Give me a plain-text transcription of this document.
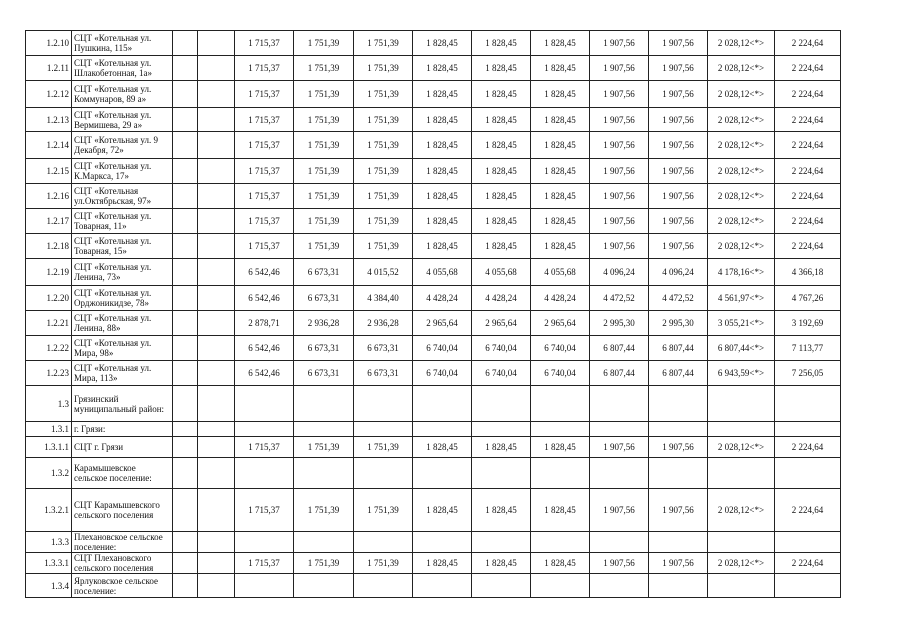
1.2.10	СЦТ «Котельная ул. Пушкина, 115»			1 715,37	1 751,39	1 751,39	1 828,45	1 828,45	1 828,45	1 907,56	1 907,56	2 028,12<*>	2 224,64
1.2.11	СЦТ «Котельная ул. Шлакобетонная, 1а»			1 715,37	1 751,39	1 751,39	1 828,45	1 828,45	1 828,45	1 907,56	1 907,56	2 028,12<*>	2 224,64
1.2.12	СЦТ «Котельная ул. Коммунаров, 89 а»			1 715,37	1 751,39	1 751,39	1 828,45	1 828,45	1 828,45	1 907,56	1 907,56	2 028,12<*>	2 224,64
1.2.13	СЦТ «Котельная ул. Вермишева, 29 а»			1 715,37	1 751,39	1 751,39	1 828,45	1 828,45	1 828,45	1 907,56	1 907,56	2 028,12<*>	2 224,64
1.2.14	СЦТ «Котельная ул. 9 Декабря, 72»			1 715,37	1 751,39	1 751,39	1 828,45	1 828,45	1 828,45	1 907,56	1 907,56	2 028,12<*>	2 224,64
1.2.15	СЦТ «Котельная ул. К.Маркса, 17»			1 715,37	1 751,39	1 751,39	1 828,45	1 828,45	1 828,45	1 907,56	1 907,56	2 028,12<*>	2 224,64
1.2.16	СЦТ «Котельная ул.Октябрьская, 97»			1 715,37	1 751,39	1 751,39	1 828,45	1 828,45	1 828,45	1 907,56	1 907,56	2 028,12<*>	2 224,64
1.2.17	СЦТ «Котельная ул. Товарная, 11»			1 715,37	1 751,39	1 751,39	1 828,45	1 828,45	1 828,45	1 907,56	1 907,56	2 028,12<*>	2 224,64
1.2.18	СЦТ «Котельная ул. Товарная, 15»			1 715,37	1 751,39	1 751,39	1 828,45	1 828,45	1 828,45	1 907,56	1 907,56	2 028,12<*>	2 224,64
1.2.19	СЦТ «Котельная ул. Ленина, 73»			6 542,46	6 673,31	4 015,52	4 055,68	4 055,68	4 055,68	4 096,24	4 096,24	4 178,16<*>	4 366,18
1.2.20	СЦТ «Котельная ул. Орджоникидзе, 78»			6 542,46	6 673,31	4 384,40	4 428,24	4 428,24	4 428,24	4 472,52	4 472,52	4 561,97<*>	4 767,26
1.2.21	СЦТ «Котельная ул. Ленина, 88»			2 878,71	2 936,28	2 936,28	2 965,64	2 965,64	2 965,64	2 995,30	2 995,30	3 055,21<*>	3 192,69
1.2.22	СЦТ «Котельная ул. Мира, 98»			6 542,46	6 673,31	6 673,31	6 740,04	6 740,04	6 740,04	6 807,44	6 807,44	6 807,44<*>	7 113,77
1.2.23	СЦТ «Котельная ул. Мира, 113»			6 542,46	6 673,31	6 673,31	6 740,04	6 740,04	6 740,04	6 807,44	6 807,44	6 943,59<*>	7 256,05
1.3	Грязинский муниципальный район:												
1.3.1	г. Грязи:												
1.3.1.1	СЦТ г. Грязи			1 715,37	1 751,39	1 751,39	1 828,45	1 828,45	1 828,45	1 907,56	1 907,56	2 028,12<*>	2 224,64
1.3.2	Карамышевское сельское поселение:												
1.3.2.1	СЦТ Карамышевского сельского поселения			1 715,37	1 751,39	1 751,39	1 828,45	1 828,45	1 828,45	1 907,56	1 907,56	2 028,12<*>	2 224,64
1.3.3	Плехановское сельское поселение:												
1.3.3.1	СЦТ Плехановского сельского поселения			1 715,37	1 751,39	1 751,39	1 828,45	1 828,45	1 828,45	1 907,56	1 907,56	2 028,12<*>	2 224,64
1.3.4	Ярлуковское сельское поселение:												
